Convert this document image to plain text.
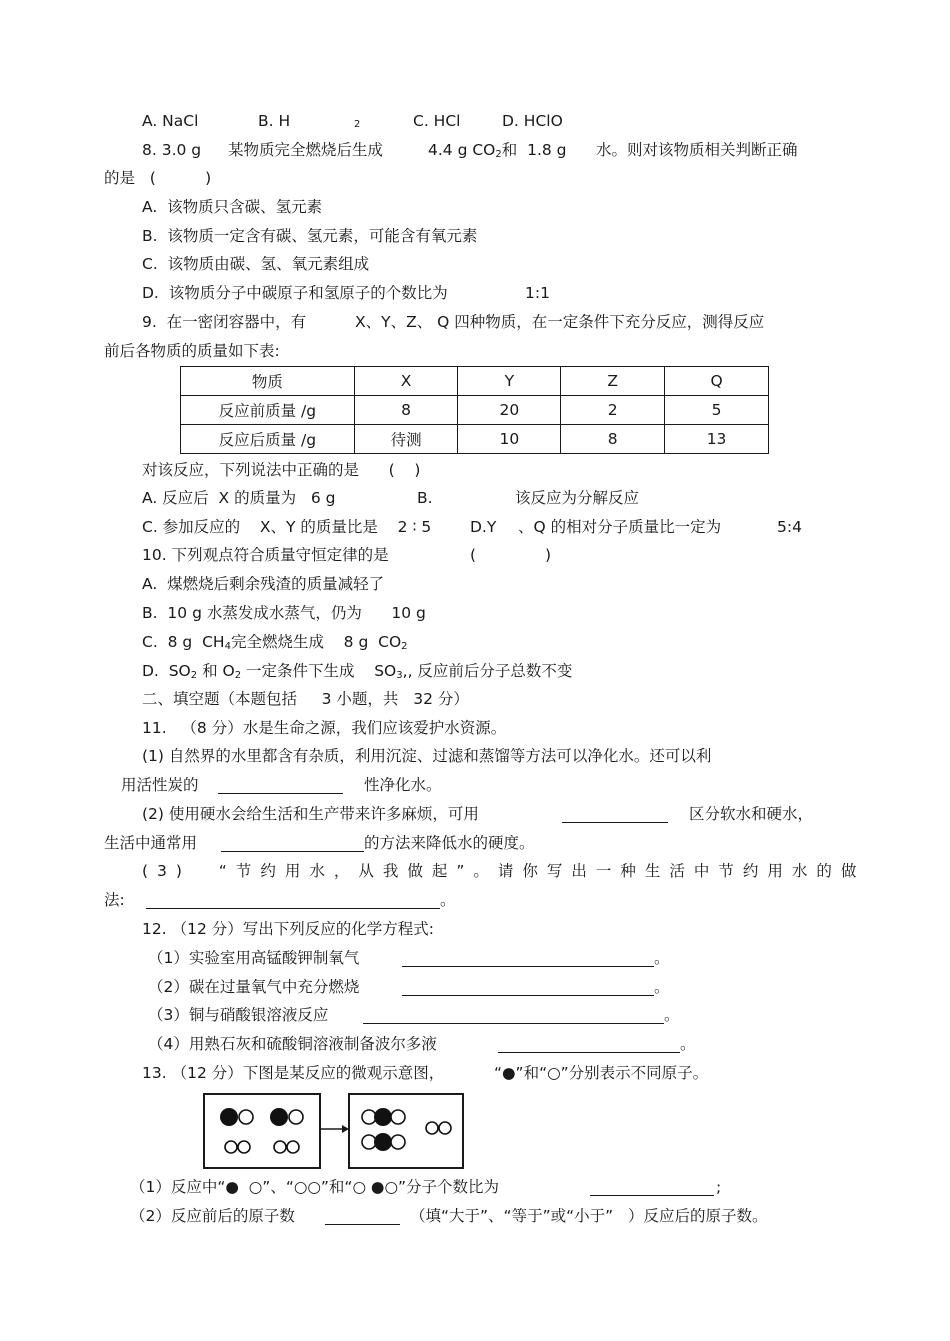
A. NaCl	B. H	2	C. HCl	D. HClO
8. 3.0 g 某物质完全燃烧后生成	4.4 g $CO_2$和  1.8 g 水。则对该物质相关判断正确
的是   (          )
A.  该物质只含碳、氢元素
B.  该物质一定含有碳、氢元素，可能含有氧元素
C.  该物质由碳、氢、氧元素组成
D.  该物质分子中碳原子和氢原子的个数比为	1:1
9.  在一密闭容器中，有	X、Y、Z、 Q 四种物质，在一定条件下充分反应，测得反应
前后各物质的质量如下表:
物质	X	Y	Z	Q
反应前质量 /g	8	20	2	5
反应后质量 /g	待测	10	8	13
对该反应，下列说法中正确的是      (    )
A. 反应后  X 的质量为   6 g	B.	该反应为分解反应
C. 参加反应的    X、Y 的质量比是    2 ∶ 5	D.Y 、Q 的相对分子质量比一定为	5:4
10. 下列观点符合质量守恒定律的是	(              )
A.  煤燃烧后剩余残渣的质量减轻了
B.  10 g 水蒸发成水蒸气，仍为      10 g
C.  8 g  $CH_4$完全燃烧生成    8 g  $CO_2$
D.  $SO_2$ 和 $O_2$ 一定条件下生成    $SO_3$,, 反应前后分子总数不变
二、填空题（本题包括     3 小题，共   32 分）
11.   （8 分）水是生命之源，我们应该爱护水资源。
(1) 自然界的水里都含有杂质，利用沉淀、过滤和蒸馏等方法可以净化水。还可以利
用活性炭的	性净化水。
(2) 使用硬水会给生活和生产带来许多麻烦，可用	区分软水和硬水，
生活中通常用	的方法来降低水的硬度。
(3)  “节约用水，从我做起”。请你写出一种生活中节约用水的做
法:	。
12. （12 分）写出下列反应的化学方程式:
（1）实验室用高锰酸钾制氧气	。
（2）碳在过量氧气中充分燃烧	。
（3）铜与硝酸银溶液反应	。
（4）用熟石灰和硫酸铜溶液制备波尔多液	。
13. （12 分）下图是某反应的微观示意图，	“●”和“○”分别表示不同原子。
（1）反应中“●  ○”、“○○”和“○ ●○”分子个数比为	;
（2）反应前后的原子数	（填“大于”、“等于”或“小于”   ）反应后的原子数。
